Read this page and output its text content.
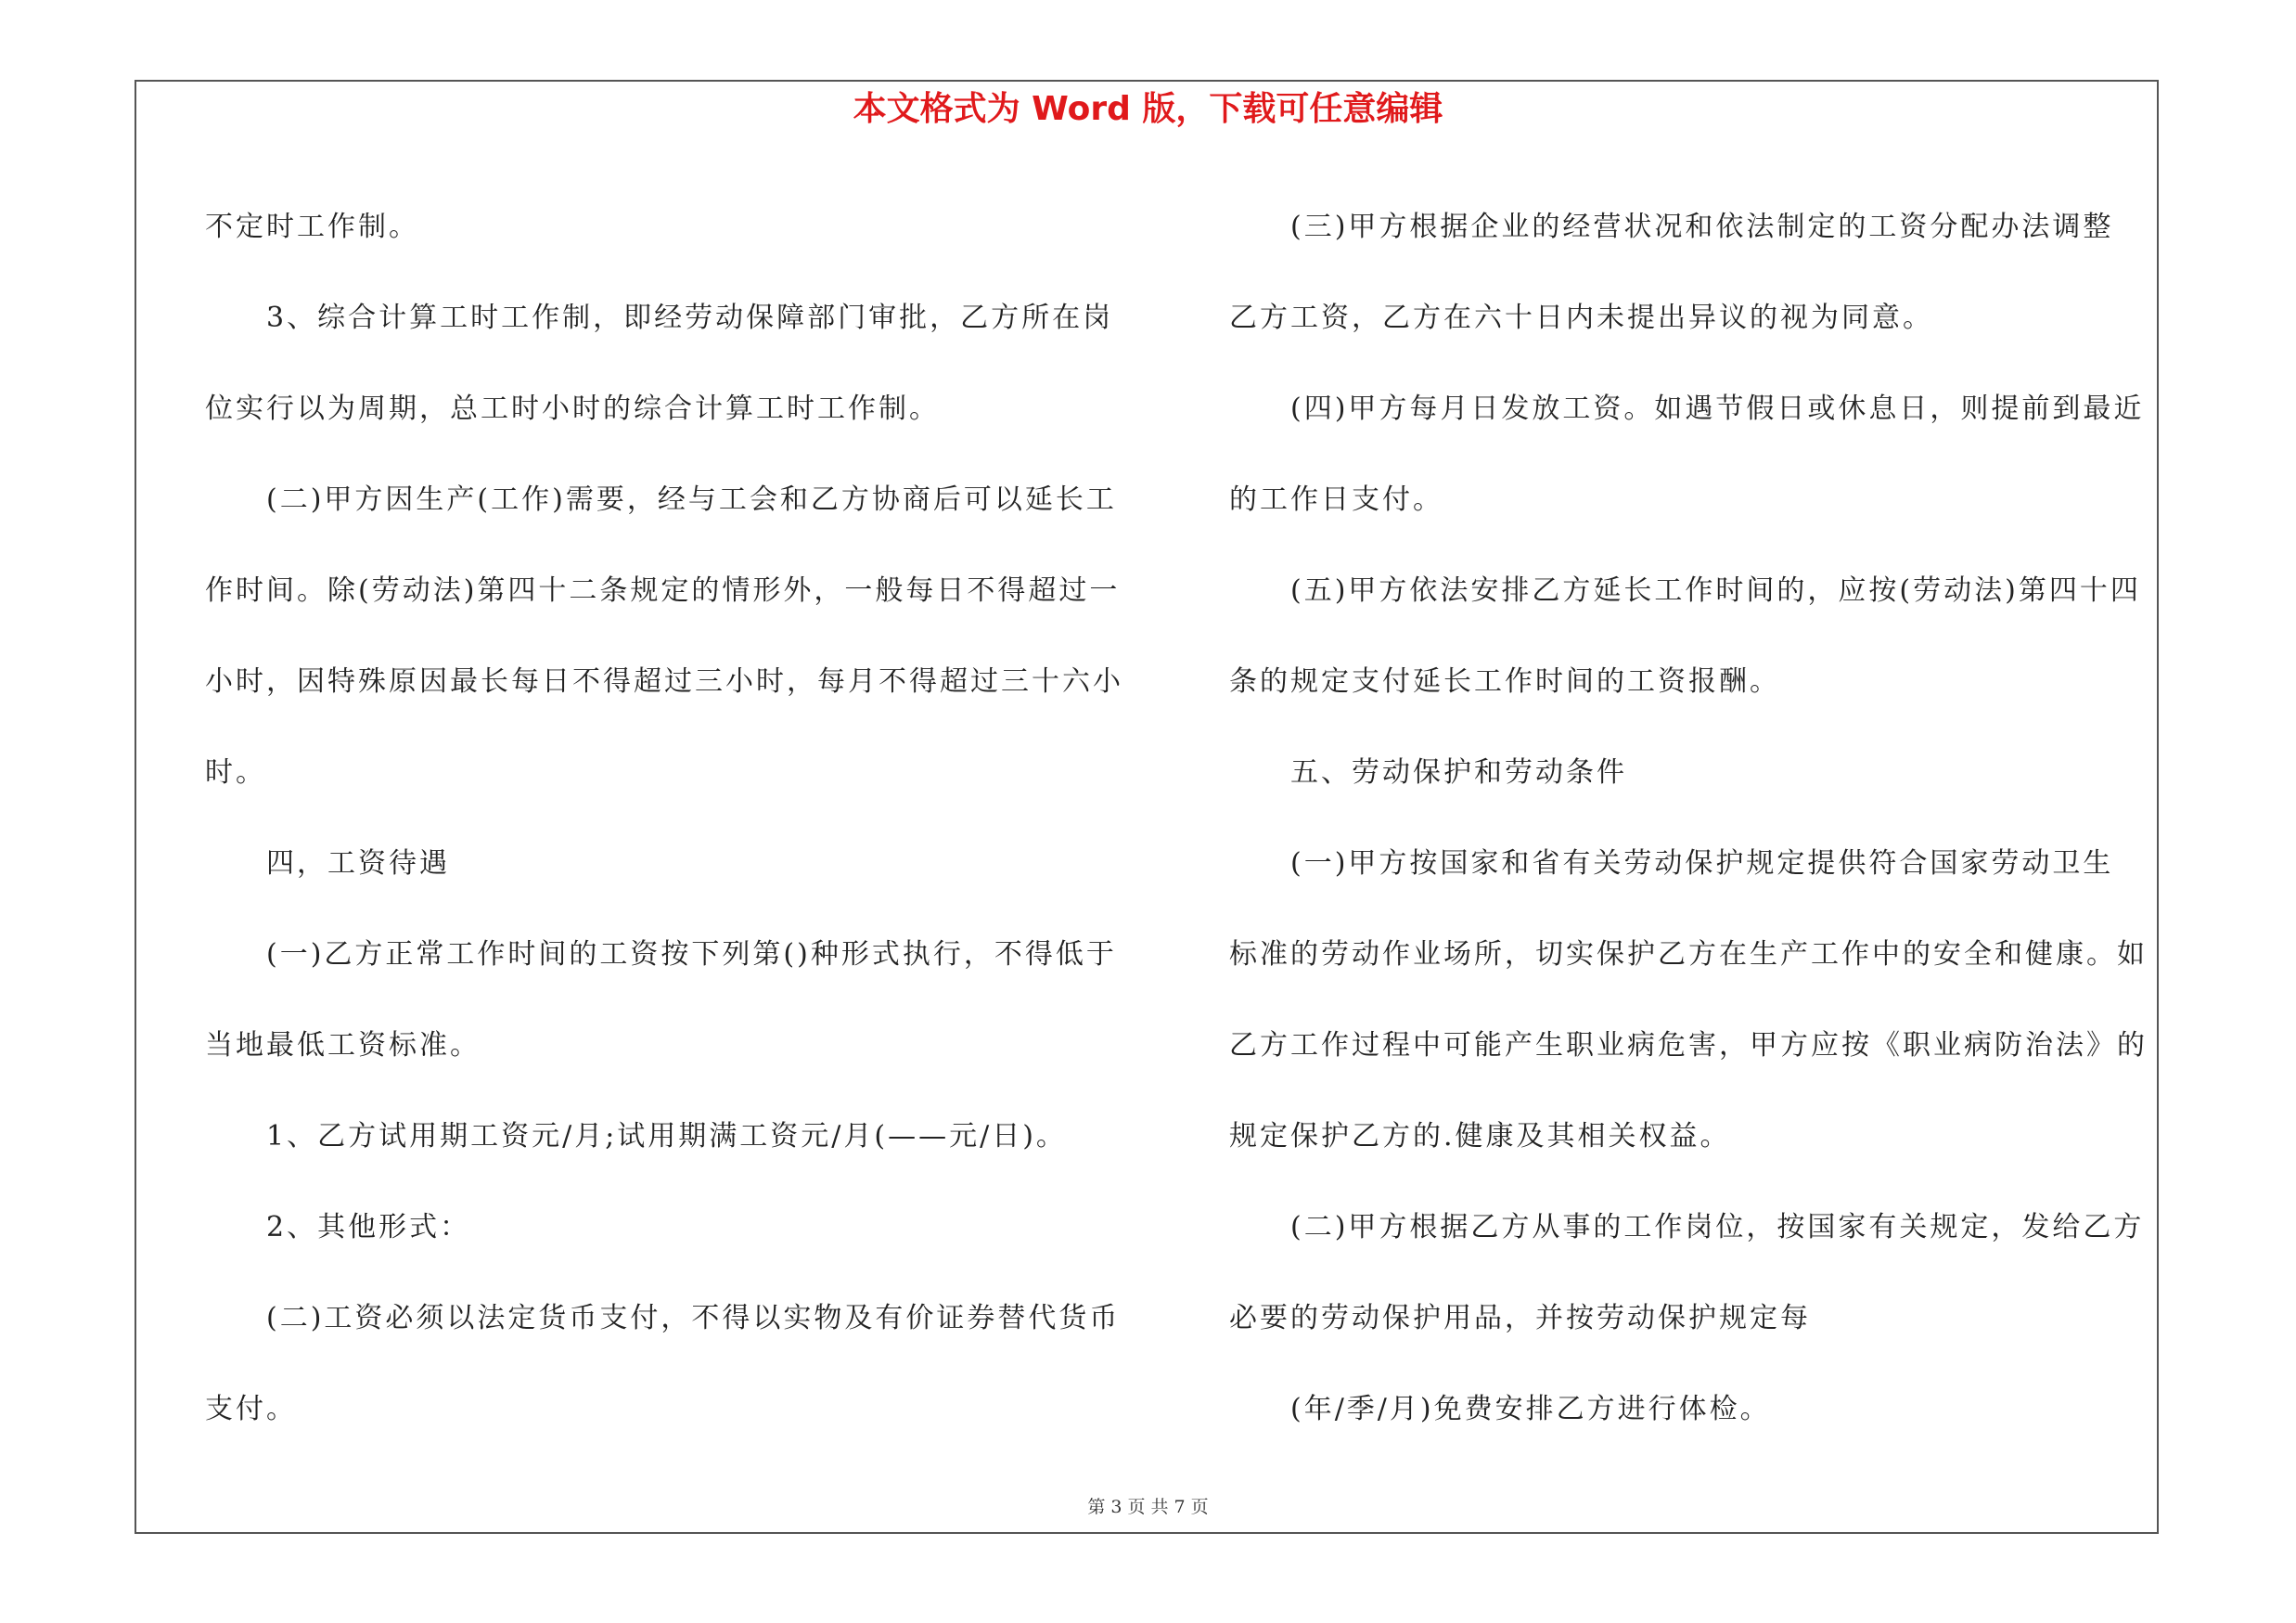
本文格式为 Word 版，下载可任意编辑

不定时工作制。

3、综合计算工时工作制，即经劳动保障部门审批，乙方所在岗

位实行以为周期，总工时小时的综合计算工时工作制。

(二)甲方因生产(工作)需要，经与工会和乙方协商后可以延长工

作时间。除(劳动法)第四十二条规定的情形外，一般每日不得超过一

小时，因特殊原因最长每日不得超过三小时，每月不得超过三十六小

时。

四，工资待遇

(一)乙方正常工作时间的工资按下列第()种形式执行，不得低于

当地最低工资标准。

1、乙方试用期工资元/月;试用期满工资元/月(——元/日)。

2、其他形式：

(二)工资必须以法定货币支付，不得以实物及有价证券替代货币

支付。

(三)甲方根据企业的经营状况和依法制定的工资分配办法调整

乙方工资，乙方在六十日内未提出异议的视为同意。

(四)甲方每月日发放工资。如遇节假日或休息日，则提前到最近

的工作日支付。

(五)甲方依法安排乙方延长工作时间的，应按(劳动法)第四十四

条的规定支付延长工作时间的工资报酬。

五、劳动保护和劳动条件

(一)甲方按国家和省有关劳动保护规定提供符合国家劳动卫生

标准的劳动作业场所，切实保护乙方在生产工作中的安全和健康。如

乙方工作过程中可能产生职业病危害，甲方应按《职业病防治法》的

规定保护乙方的.健康及其相关权益。

(二)甲方根据乙方从事的工作岗位，按国家有关规定，发给乙方

必要的劳动保护用品，并按劳动保护规定每

(年/季/月)免费安排乙方进行体检。

第 3 页 共 7 页
